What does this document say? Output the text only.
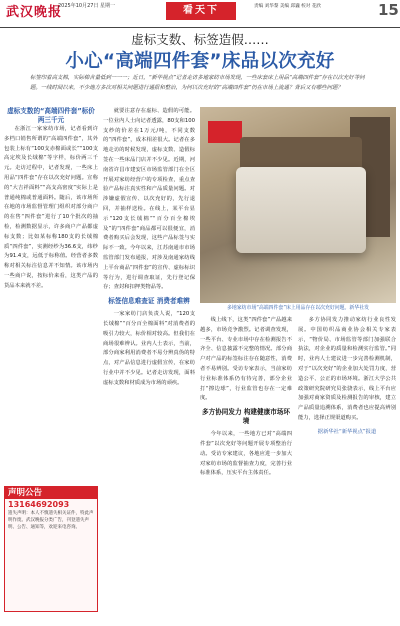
武汉晚报
2025年10月27日 星期一	看天下	责编 刘华黎 美编 邱巍 校对 花欣	15
虚标支数、标签造假……
小心“高端四件套”床品以次充好

标签印着高支棉，实际棉含量低到一一一；近日，“新华视点”记者走访多地家纺市场发现，一些床套床上用品“高端四件套”存在以次充好等问题。一线时间以来，不少地方多次对相关问题进行通报和整治，为何以次充好的“高端四件套”仍在市场上流通？背后又有哪些问题？

虚标支数的“高端四件套”标价两三千元

在浙江一家家纺市场，记者看到许多档口销售所谓的“高端四件套”，其外包装上标有“100支赤棉面或长”“100支高定埃及长绒棉”等字样，标价两三千元。走访过程中，记者发现，一些床上用品“四件套”存在以次充好问题。宣称的“大吉祥面料”“高支高密度”实际上是普通纯棉或普通面料。随后，该市场所在地的市场监督管理门组织对部分商户的在售“四件套”进行了10个批次的抽检，检测数据显示，许多商户产品都虚标支数；比如某标称180支的长绒棉质“四件套”，实测经纱为36.6支，纬纱为91.4支，远低于标称值。经营者多数称对相关标注信息并不知情。该市场内一些商户说，按标价来看，这类产品的货品本来就不差。

就要注意存在虚标、造假的可能。一位业内人士向记者透露，80支和100支纱的价差在1万元/吨，不同支数的“四件套”，成本相差很大。记者在多地走访的时候发现，虚标支数、造假标签在一些床品门店并不少见。近期，河南省许昌市建安区市场监管部门在全区开展对家纺经营户的专项检查，重点查验产品标注真实性和产品质量问题。对涉嫌虚假宣传、以次充好的，先行退回，并抽样送检。在线上，某平台显示“120支长绒棉”“百分百全棉埃及”的“四件套”商品都可以很便宜，消费者购买后会发现，这些产品标签与实际不一致。今年以来，江苏南通市市场监管部门发布通报，对涉及南通家纺线上平台商品“四件套”的宣传、虚标标识等行为，进行调查取证，先行登记保存；查封和扣押类物品等。

标签信息难查证 消费者难辨

一家家纺门店负责人说，“120支长绒棉”“百分百全棉面料”对消费者的吸引力较大，标价相对较高。但我们在商场很难辨认。业内人士表示，当前，部分商家利用消费者不易分辨真伪的特点，对产品信息进行虚假宣传，在家纺行业中并不少见。记者走访发现，面料虚标支数和材质成为市场的顽疾。

多地家纺市场“高端四件套”床上用品存在以次充好问题。新华社发

线上线下，这类“四件套”产品越来越多，市场竞争激烈。记者调查发现，一些平台、专业市场中存在检测报告不齐全、信息披露不完整的情况。部分商户对产品的标签标注存在随意性，消费者不易辨别。受访专家表示，当前家纺行业标准体系仍有待完善，部分企业打“擦边球”，行业监管也存在一定难度。

多方协同发力 构建健康市场环境

今年以来，一些地方已对“高端四件套”以次充好等问题开展专项整治行动。受访专家建议，各地应进一步加大对家纺市场的监督抽查力度，完善行业标准体系，压实平台主体责任。

多方协同发力推动家纺行业良性发展。中国纺织品商业协会相关专家表示，“物价局、市场监管等部门加强联合执法，对企业的质量和检测实行监管。”同时，业内人士建议进一步完善检测机制，对于“以次充好”的企业加大处罚力度，营造公平、公正的市场环境。浙江大学公共政策研究院研究员张骁表示，线上平台应加强对商家资质及检测报告的审核，建立产品质量追溯体系，消费者也应提高辨别能力，选择正规渠道购买。

据新华社“新华视点”报道
声明公告
13164692093
遗失声明：本人不慎遗失相关证件，特此声明作废。武汉晚报分类广告，刊登遗失声明、公告、通知等，欢迎来电咨询。
